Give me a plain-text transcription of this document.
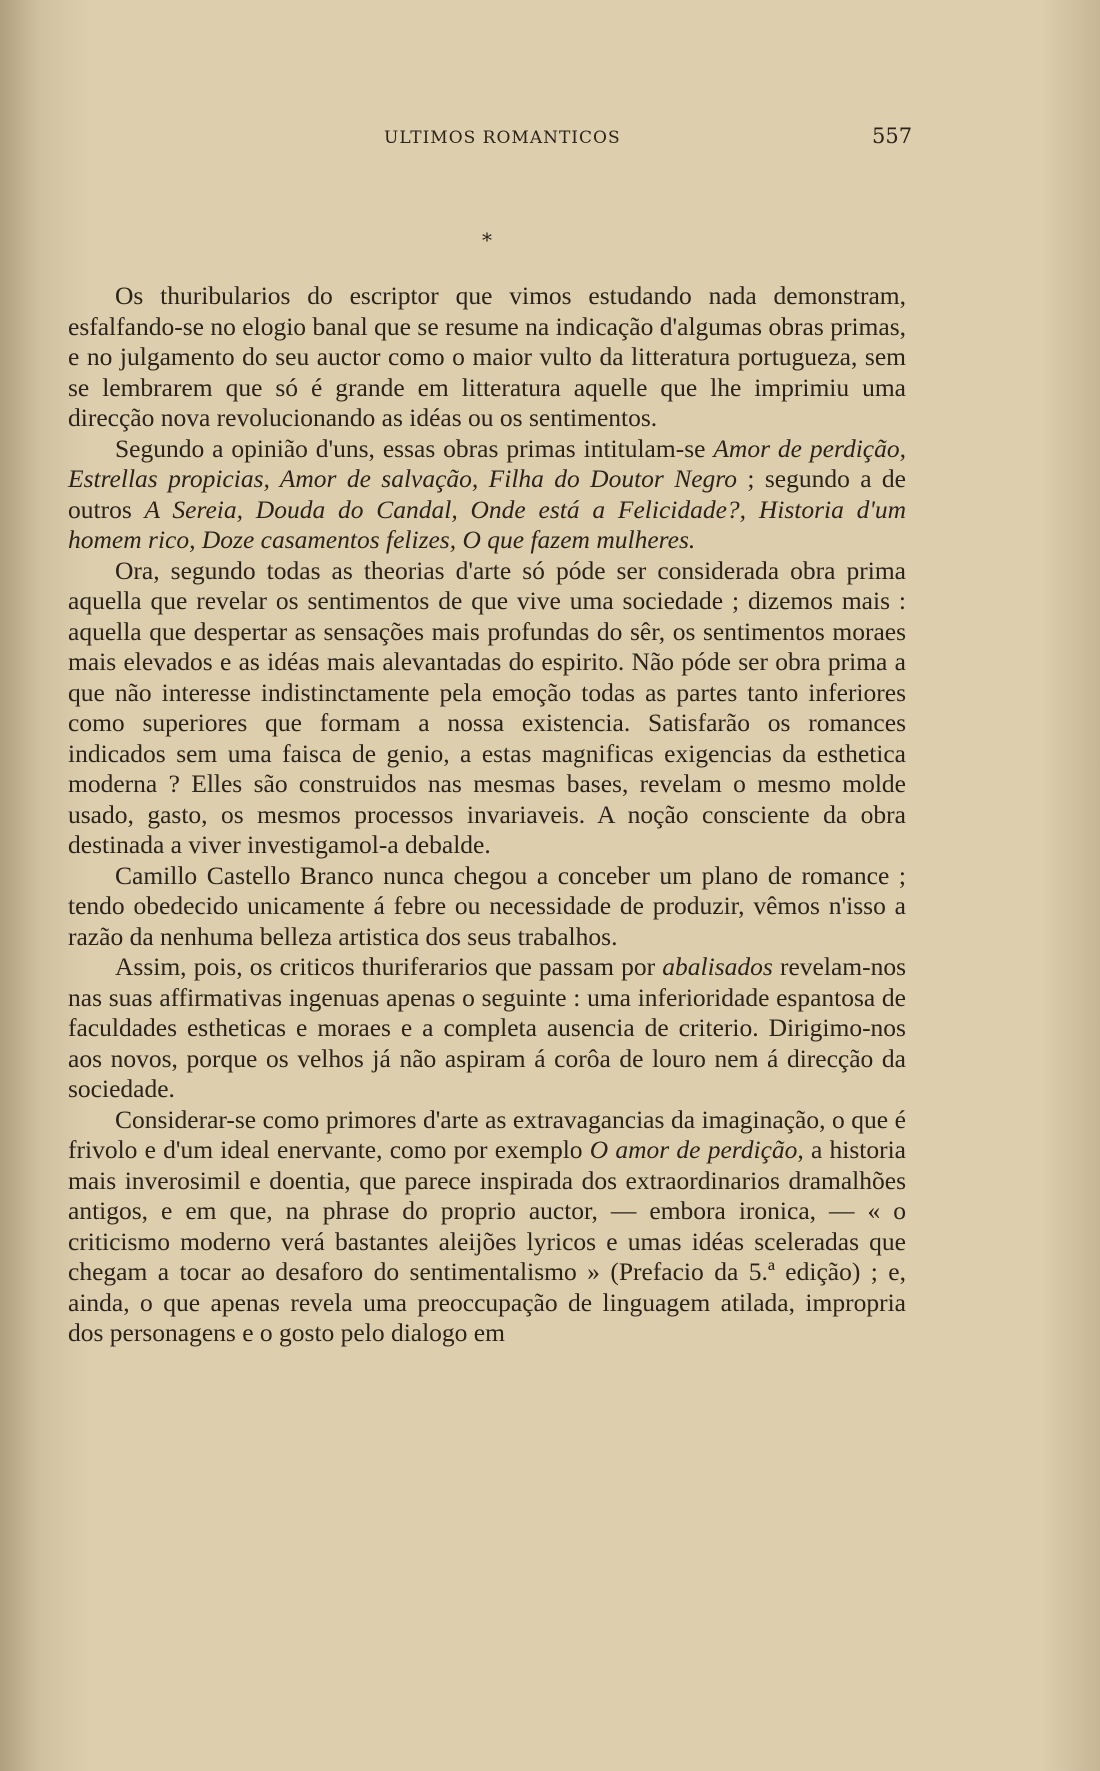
ULTIMOS ROMANTICOS	557
*

Os thuribularios do escriptor que vimos estudando nada demonstram, esfalfando-se no elogio banal que se resume na indicação d'algumas obras primas, e no julgamento do seu auctor como o maior vulto da litteratura portugueza, sem se lembrarem que só é grande em litteratura aquelle que lhe imprimiu uma direcção nova revolucionando as idéas ou os sentimentos.

Segundo a opinião d'uns, essas obras primas intitulam-se Amor de perdição, Estrellas propicias, Amor de salvação, Filha do Doutor Negro ; segundo a de outros A Sereia, Douda do Candal, Onde está a Felicidade?, Historia d'um homem rico, Doze casamentos felizes, O que fazem mulheres.

Ora, segundo todas as theorias d'arte só póde ser considerada obra prima aquella que revelar os sentimentos de que vive uma sociedade ; dizemos mais : aquella que despertar as sensações mais profundas do sêr, os sentimentos moraes mais elevados e as idéas mais alevantadas do espirito. Não póde ser obra prima a que não interesse indistinctamente pela emoção todas as partes tanto inferiores como superiores que formam a nossa existencia. Satisfarão os romances indicados sem uma faisca de genio, a estas magnificas exigencias da esthetica moderna ? Elles são construidos nas mesmas bases, revelam o mesmo molde usado, gasto, os mesmos processos invariaveis. A noção consciente da obra destinada a viver investigamol-a debalde.

Camillo Castello Branco nunca chegou a conceber um plano de romance ; tendo obedecido unicamente á febre ou necessidade de produzir, vêmos n'isso a razão da nenhuma belleza artistica dos seus trabalhos.

Assim, pois, os criticos thuriferarios que passam por abalisados revelam-nos nas suas affirmativas ingenuas apenas o seguinte : uma inferioridade espantosa de faculdades estheticas e moraes e a completa ausencia de criterio. Dirigimo-nos aos novos, porque os velhos já não aspiram á corôa de louro nem á direcção da sociedade.

Considerar-se como primores d'arte as extravagancias da imaginação, o que é frivolo e d'um ideal enervante, como por exemplo O amor de perdição, a historia mais inverosimil e doentia, que parece inspirada dos extraordinarios dramalhões antigos, e em que, na phrase do proprio auctor, — embora ironica, — « o criticismo moderno verá bastantes aleijões lyricos e umas idéas sceleradas que chegam a tocar ao desaforo do sentimentalismo » (Prefacio da 5.ª edição) ; e, ainda, o que apenas revela uma preoccupação de linguagem atilada, impropria dos personagens e o gosto pelo dialogo em
